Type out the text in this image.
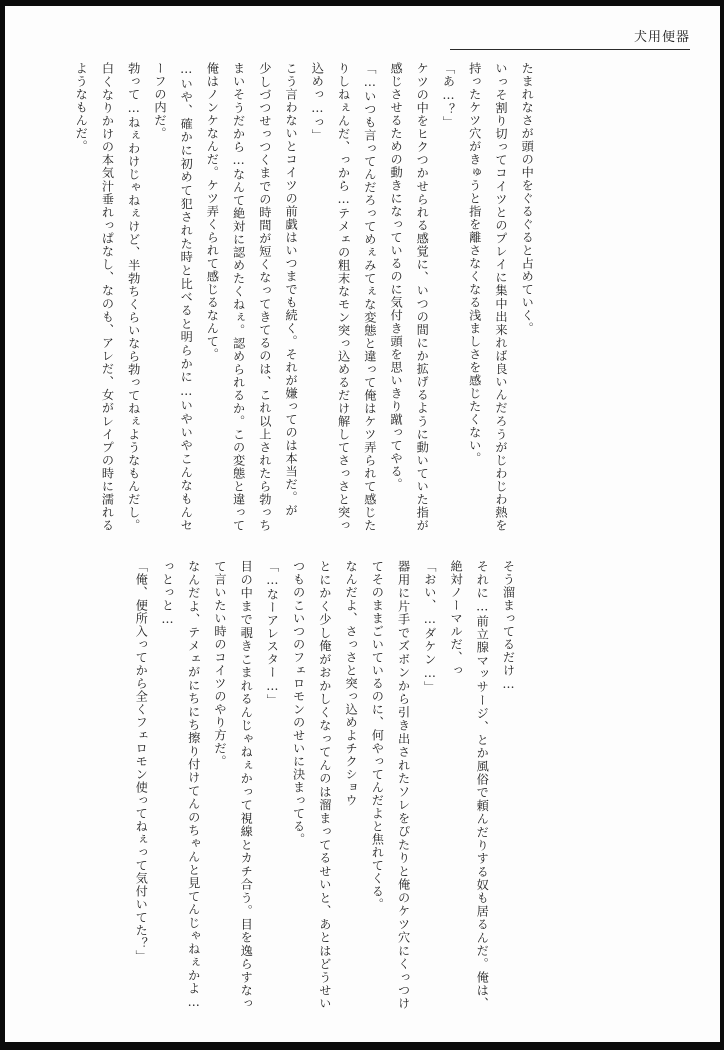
犬用便器

たまれなさが頭の中をぐるぐると占めていく。

いっそ割り切ってコイツとのプレイに集中出来れば良いんだろうがじわじわ熱を持ったケツ穴がきゅうと指を離さなくなる浅ましさを感じたくない。

「あ…？」

ケツの中をヒクつかせられる感覚に、いつの間にか拡げるように動いていた指が感じさせるための動きになっているのに気付き頭を思いきり蹴ってやる。

「…いつも言ってんだろってめぇみてぇな変態と違って俺はケツ弄られて感じたりしねぇんだ、っから…テメェの粗末なモン突っ込めるだけ解してさっさと突っ込めっ…っ」

こう言わないとコイツの前戯はいつまでも続く。それが嫌ってのは本当だ。が

少しづつせっつくまでの時間が短くなってきてるのは、これ以上されたら勃っちまいそうだから…なんて絶対に認めたくねぇ。認められるか。この変態と違って俺はノンケなんだ。ケツ弄くられて感じるなんて。

…いや、確かに初めて犯された時と比べると明らかに…いやいやこんなもんセーフの内だ。

勃って…ねぇわけじゃねぇけど、半勃ちくらいなら勃ってねぇようなもんだし。白くなりかけの本気汁垂れっぱなし、なのも、アレだ、女がレイプの時に濡れるようなもんだ。

そう溜まってるだけ…

それに…前立腺マッサージ、とか風俗で頼んだりする奴も居るんだ。俺は、絶対ノーマルだ、っ

「おい、…ダケン…」

器用に片手でズボンから引き出されたソレをぴたりと俺のケツ穴にくっつけてそのままごいているのに、何やってんだよと焦れてくる。

なんだよ、さっさと突っ込めよチクショウ

とにかく少し俺がおかしくなってんのは溜まってるせいと、あとはどうせいつものこいつのフェロモンのせいに決まってる。

「…なーアレスター…」

目の中まで覗きこまれるんじゃねぇかって視線とカチ合う。目を逸らすなって言いたい時のコイツのやり方だ。

なんだよ、テメェがにちにち擦り付けてんのちゃんと見てんじゃねぇかよ…っとっと…

「俺、便所入ってから全くフェロモン使ってねぇって気付いてた？」
